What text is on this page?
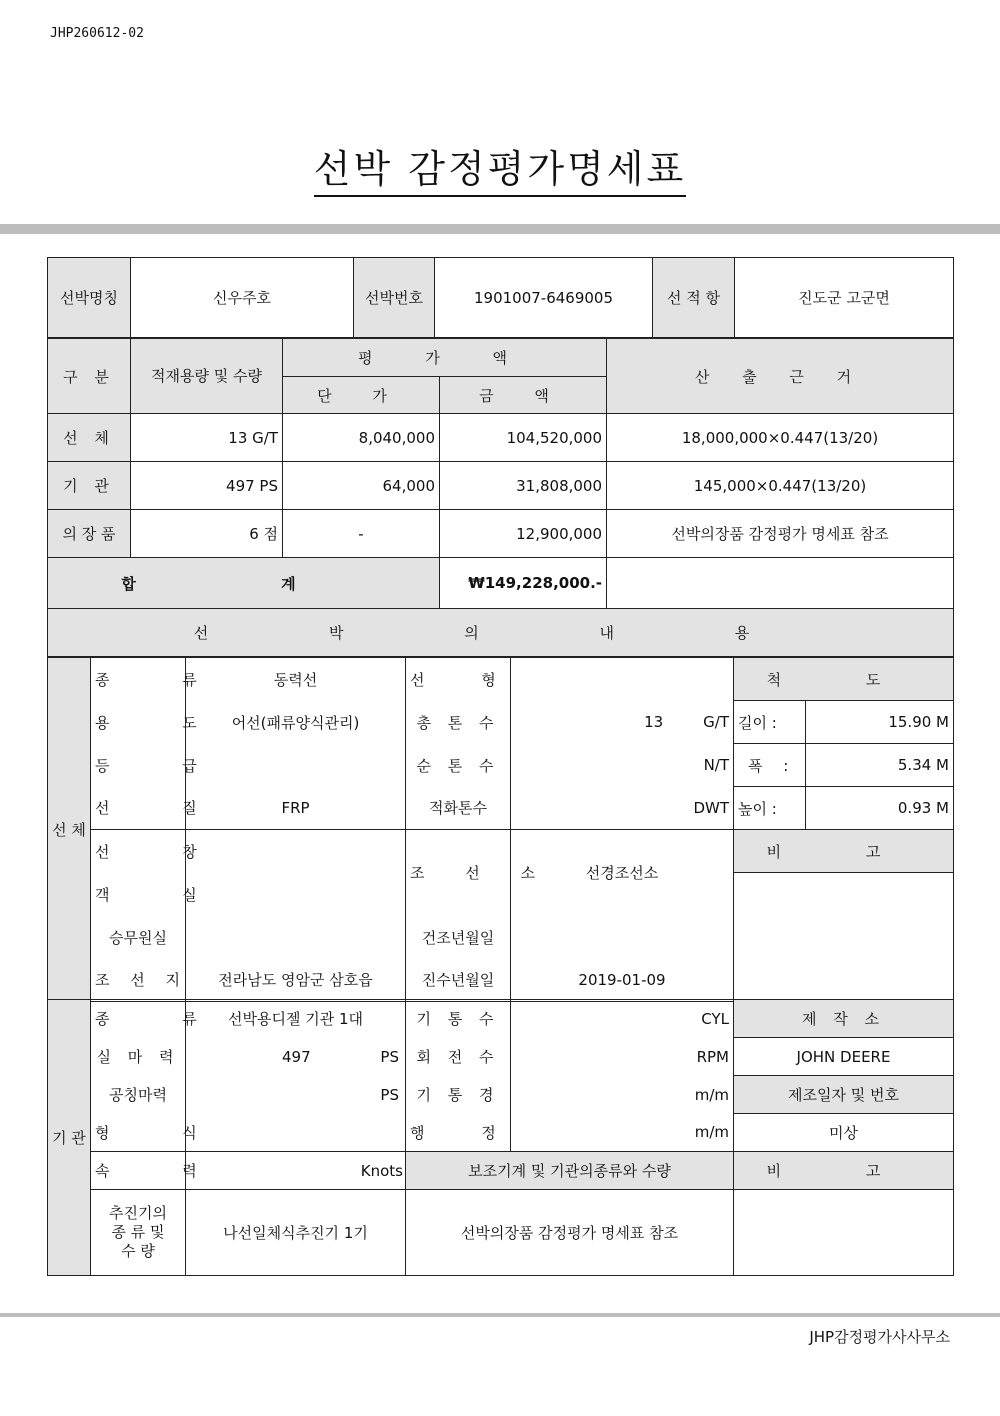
JHP260612-02
선박 감정평가명세표
선박명칭	신우주호	선박번호	1901007-6469005	선 적 항	진도군 고군면
구 분	적재용량 및 수량	평 가 액		산 출 근 거
		단 가	금 액	
선 체	13 G/T	8,040,000	104,520,000	18,000,000×0.447(13/20)
기 관	497 PS	64,000	31,808,000	145,000×0.447(13/20)
의 장 품	6 점	-	12,900,000	선박의장품 감정평가 명세표 참조
합 계			₩149,228,000.-	
선 박 의 내 용				
선 체	종 류	동력선	선 형		척 도	
	용 도	어선(패류양식관리)	총 톤 수	13 G/T	길이 :	15.90 M
	등 급		순 톤 수	N/T	폭 :	5.34 M
	선 질	FRP	적화톤수	DWT	높이 :	0.93 M
	선 창		조 선 소	선경조선소	비 고	
	객 실					
	승무원실		건조년월일			
	조 선 지	전라남도 영암군 삼호읍	진수년월일	2019-01-09		
기 관	종 류	선박용디젤 기관 1대	기 통 수	CYL	제 작 소
	실 마 력	497 PS	회 전 수	RPM	JOHN DEERE
	공칭마력	PS	기 통 경	m/m	제조일자 및 번호
	형 식		행 정	m/m	미상
	속 력	Knots	보조기계 및 기관의종류와 수량		비 고
	추진기의 종 류 및 수 량	나선일체식추진기 1기	선박의장품 감정평가 명세표 참조		
JHP감정평가사사무소
